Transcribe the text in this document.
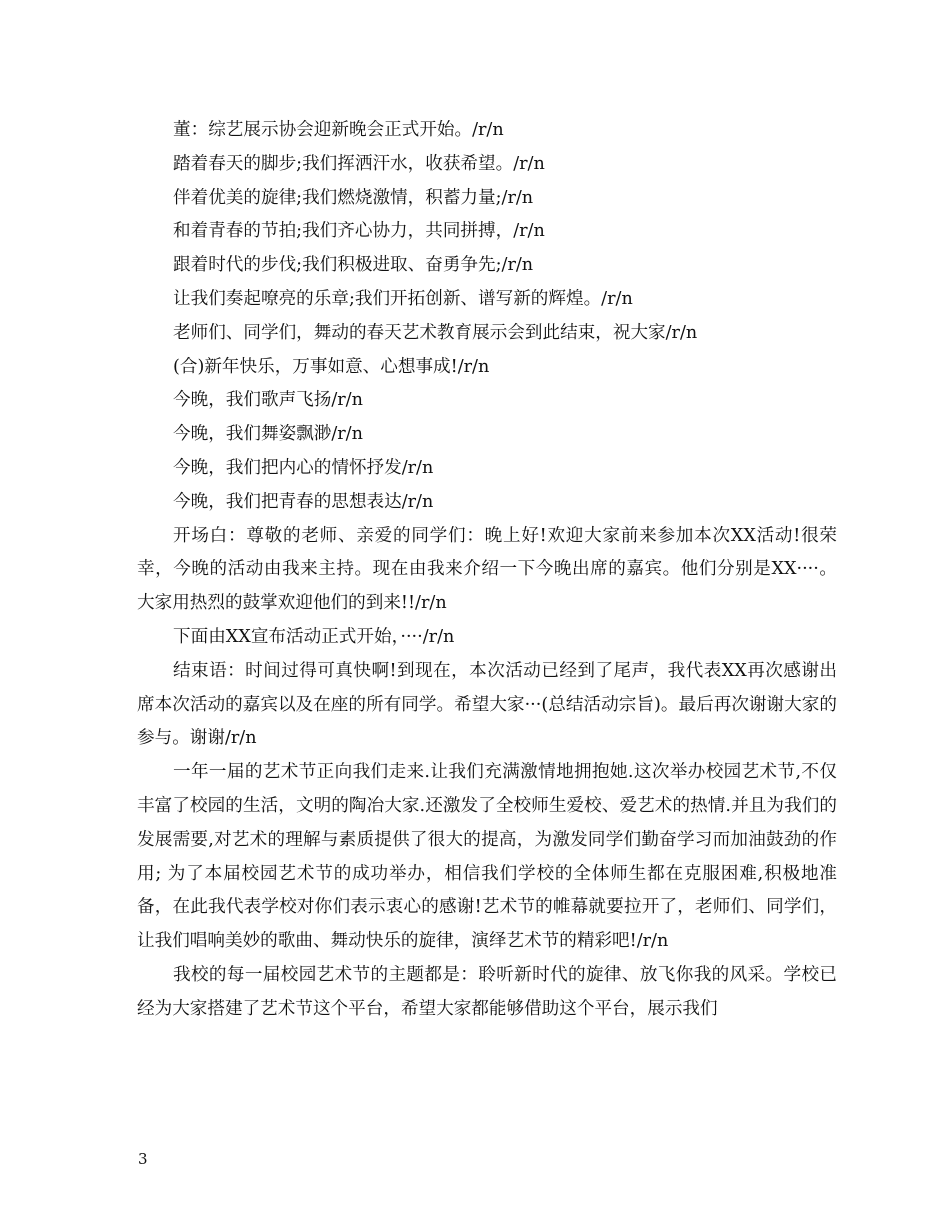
董：综艺展示协会迎新晚会正式开始。/r/n

踏着春天的脚步;我们挥洒汗水，收获希望。/r/n

伴着优美的旋律;我们燃烧激情，积蓄力量;/r/n

和着青春的节拍;我们齐心协力，共同拼搏，/r/n

跟着时代的步伐;我们积极进取、奋勇争先;/r/n

让我们奏起嘹亮的乐章;我们开拓创新、谱写新的辉煌。/r/n

老师们、同学们，舞动的春天艺术教育展示会到此结束，祝大家/r/n

(合)新年快乐，万事如意、心想事成!/r/n

今晚，我们歌声飞扬/r/n

今晚，我们舞姿飘渺/r/n

今晚，我们把内心的情怀抒发/r/n

今晚，我们把青春的思想表达/r/n

开场白：尊敬的老师、亲爱的同学们：晚上好!欢迎大家前来参加本次XX活动!很荣幸，今晚的活动由我来主持。现在由我来介绍一下今晚出席的嘉宾。他们分别是XX····。 大家用热烈的鼓掌欢迎他们的到来!!/r/n

下面由XX宣布活动正式开始，····/r/n

结束语：时间过得可真快啊!到现在，本次活动已经到了尾声，我代表XX再次感谢出席本次活动的嘉宾以及在座的所有同学。希望大家···(总结活动宗旨)。最后再次谢谢大家的参与。谢谢/r/n

一年一届的艺术节正向我们走来.让我们充满激情地拥抱她.这次举办校园艺术节,不仅丰富了校园的生活，文明的陶冶大家.还激发了全校师生爱校、爱艺术的热情.并且为我们的发展需要,对艺术的理解与素质提供了很大的提高，为激发同学们勤奋学习而加油鼓劲的作用; 为了本届校园艺术节的成功举办，相信我们学校的全体师生都在克服困难,积极地准备，在此我代表学校对你们表示衷心的感谢!艺术节的帷幕就要拉开了，老师们、同学们，让我们唱响美妙的歌曲、舞动快乐的旋律，演绎艺术节的精彩吧!/r/n

我校的每一届校园艺术节的主题都是：聆听新时代的旋律、放飞你我的风采。学校已经为大家搭建了艺术节这个平台，希望大家都能够借助这个平台，展示我们

3
